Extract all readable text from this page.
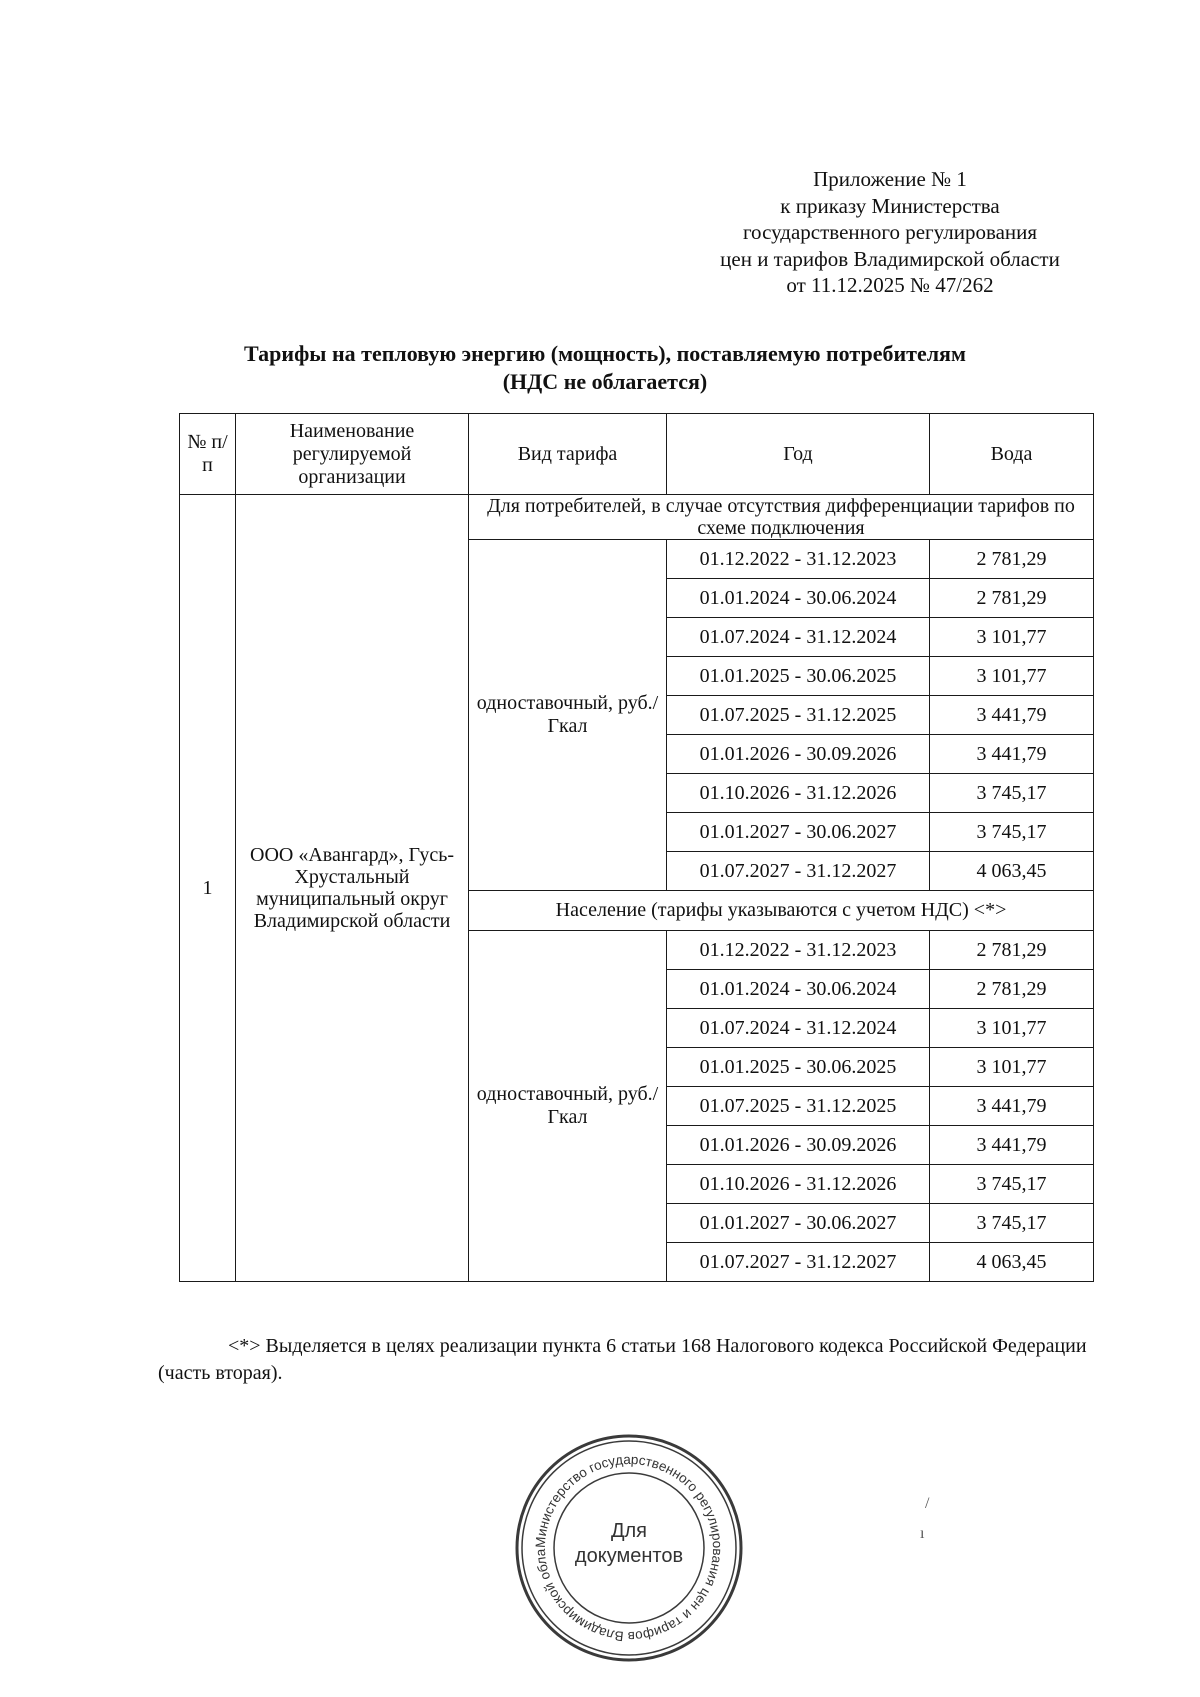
Приложение № 1
к приказу Министерства
государственного регулирования
цен и тарифов Владимирской области
от 11.12.2025 № 47/262
Тарифы на тепловую энергию (мощность), поставляемую потребителям
(НДС не облагается)
№ п/п	Наименование регулируемой организации	Вид тарифа	Год	Вода
1	ООО «Авангард», Гусь-Хрустальный муниципальный округ Владимирской области	Для потребителей, в случае отсутствия дифференциации тарифов по схеме подключения		
		одноставочный, руб./Гкал	01.12.2022 - 31.12.2023	2 781,29
			01.01.2024 - 30.06.2024	2 781,29
			01.07.2024 - 31.12.2024	3 101,77
			01.01.2025 - 30.06.2025	3 101,77
			01.07.2025 - 31.12.2025	3 441,79
			01.01.2026 - 30.09.2026	3 441,79
			01.10.2026 - 31.12.2026	3 745,17
			01.01.2027 - 30.06.2027	3 745,17
			01.07.2027 - 31.12.2027	4 063,45
		Население (тарифы указываются с учетом НДС) <*>		
		одноставочный, руб./Гкал	01.12.2022 - 31.12.2023	2 781,29
			01.01.2024 - 30.06.2024	2 781,29
			01.07.2024 - 31.12.2024	3 101,77
			01.01.2025 - 30.06.2025	3 101,77
			01.07.2025 - 31.12.2025	3 441,79
			01.01.2026 - 30.09.2026	3 441,79
			01.10.2026 - 31.12.2026	3 745,17
			01.01.2027 - 30.06.2027	3 745,17
			01.07.2027 - 31.12.2027	4 063,45
<*> Выделяется в целях реализации пункта 6 статьи 168 Налогового кодекса Российской Федерации (часть вторая).
Министерство государственного регулирования цен и тарифов Владимирской обла
Для
документов
/
ı
